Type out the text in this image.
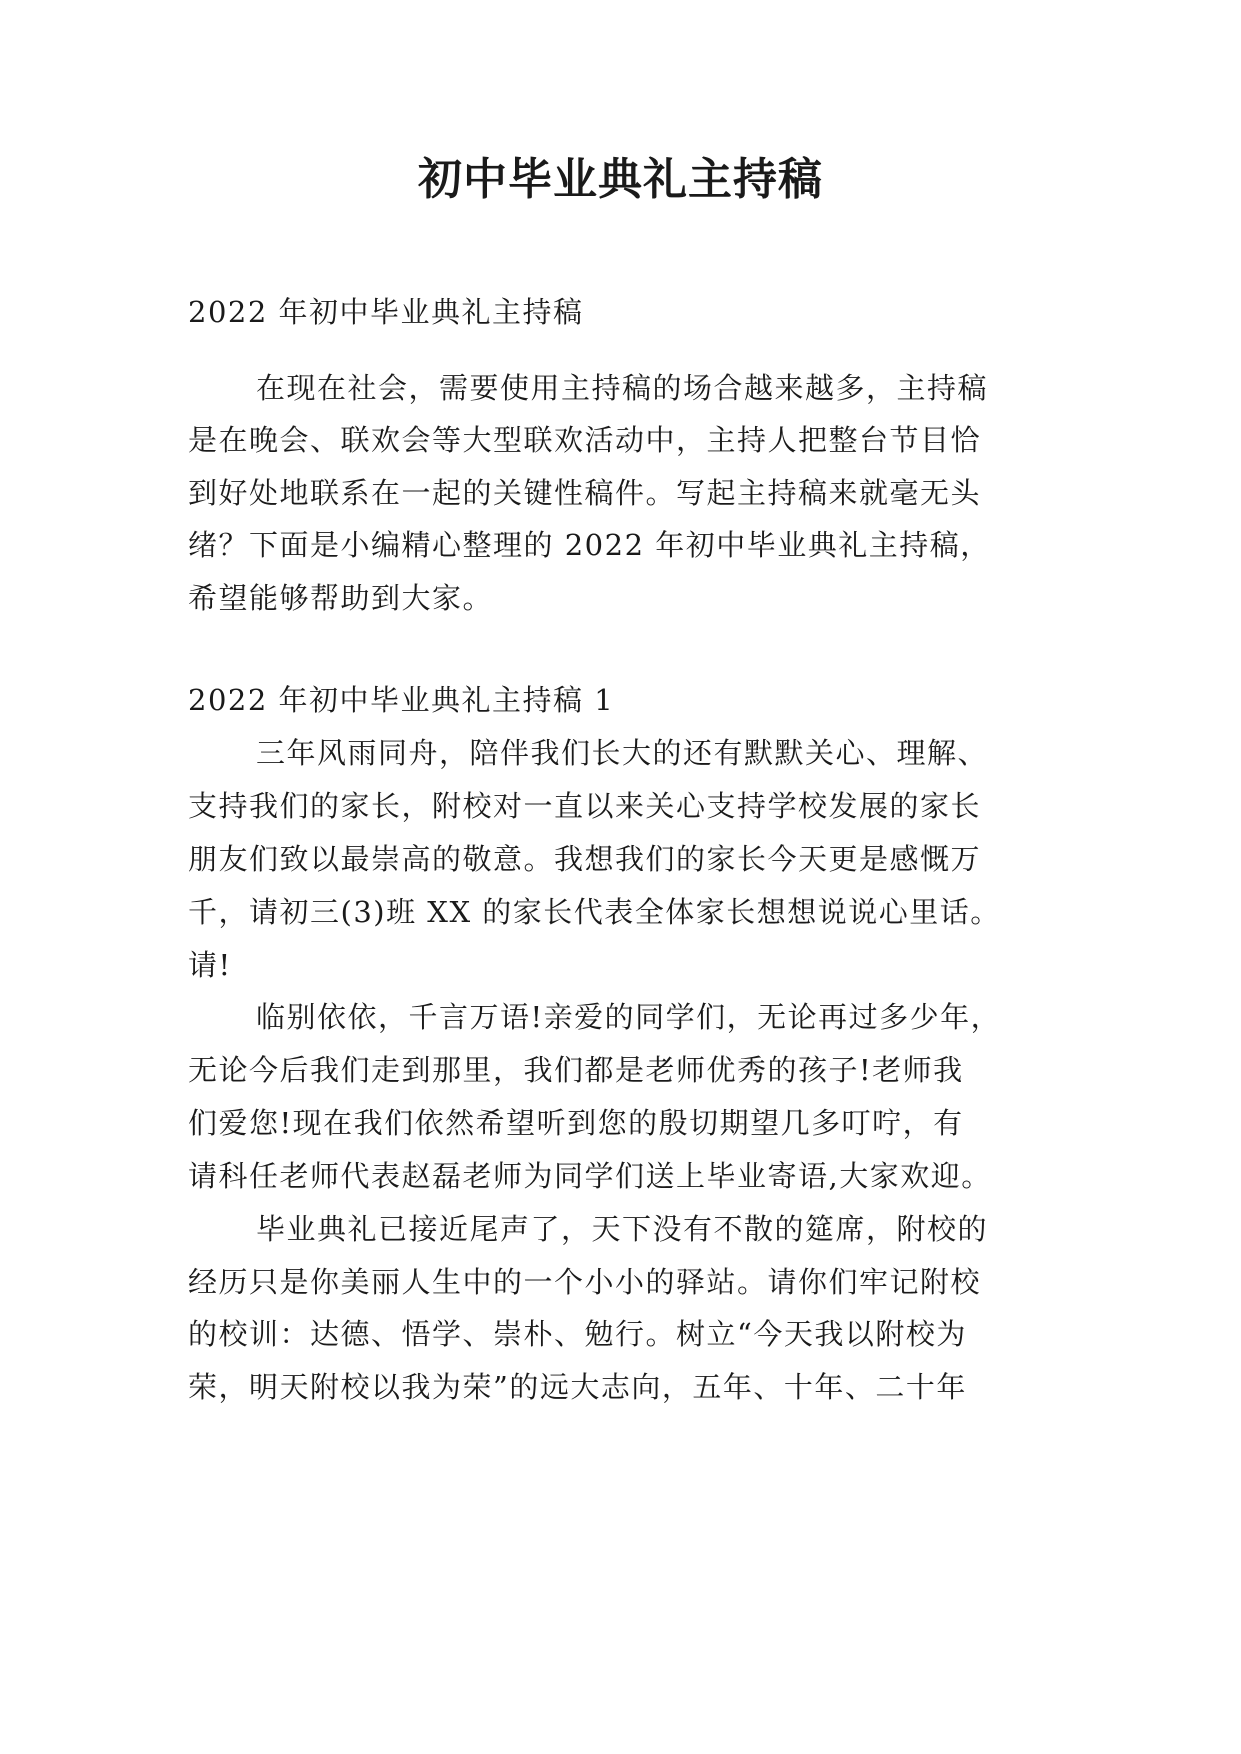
初中毕业典礼主持稿

2022 年初中毕业典礼主持稿

在现在社会，需要使用主持稿的场合越来越多，主持稿

是在晚会、联欢会等大型联欢活动中，主持人把整台节目恰

到好处地联系在一起的关键性稿件。写起主持稿来就毫无头

绪？下面是小编精心整理的 2022 年初中毕业典礼主持稿，

希望能够帮助到大家。

2022 年初中毕业典礼主持稿 1

三年风雨同舟，陪伴我们长大的还有默默关心、理解、

支持我们的家长，附校对一直以来关心支持学校发展的家长

朋友们致以最崇高的敬意。我想我们的家长今天更是感慨万

千，请初三(3)班 XX 的家长代表全体家长想想说说心里话。

请!

临别依依，千言万语!亲爱的同学们，无论再过多少年，

无论今后我们走到那里，我们都是老师优秀的孩子!老师我

们爱您!现在我们依然希望听到您的殷切期望几多叮咛，有

请科任老师代表赵磊老师为同学们送上毕业寄语,大家欢迎。

毕业典礼已接近尾声了，天下没有不散的筵席，附校的

经历只是你美丽人生中的一个小小的驿站。请你们牢记附校

的校训：达德、悟学、崇朴、勉行。树立“今天我以附校为

荣，明天附校以我为荣”的远大志向，五年、十年、二十年
